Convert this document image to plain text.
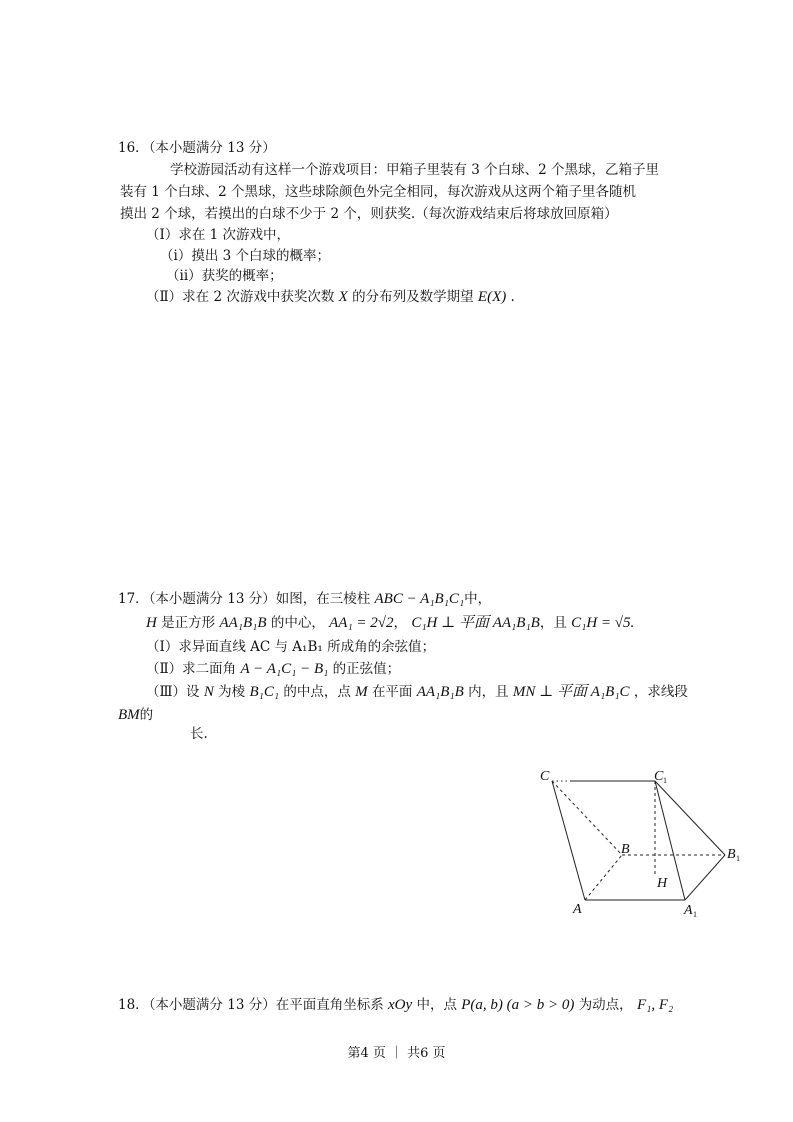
16．（本小题满分 13 分）
学校游园活动有这样一个游戏项目：甲箱子里装有 3 个白球、2 个黑球，乙箱子里
装有 1 个白球、2 个黑球，这些球除颜色外完全相同，每次游戏从这两个箱子里各随机
摸出 2 个球，若摸出的白球不少于 2 个，则获奖.（每次游戏结束后将球放回原箱）
（Ⅰ）求在 1 次游戏中，
（i）摸出 3 个白球的概率；
（ii）获奖的概率；
（Ⅱ）求在 2 次游戏中获奖次数 X 的分布列及数学期望 E(X) .
17．（本小题满分 13 分）如图，在三棱柱 ABC − A₁B₁C₁中，
H 是正方形 AA₁B₁B 的中心， AA₁ = 2√2， C₁H ⊥ 平面 AA₁B₁B，且 C₁H = √5.
（Ⅰ）求异面直线 AC 与 A₁B₁ 所成角的余弦值；
（Ⅱ）求二面角 A − A₁C₁ − B₁ 的正弦值；
（Ⅲ）设 N 为棱 B₁C₁ 的中点，点 M 在平面 AA₁B₁B 内，且 MN ⊥ 平面 A₁B₁C ，求线段
BM的
长.
C	C 1
B	B 1
H
A	A 1
18．（本小题满分 13 分）在平面直角坐标系 xOy 中，点 P(a, b) (a > b > 0) 为动点， F₁, F₂
第4 页 ｜ 共6 页
